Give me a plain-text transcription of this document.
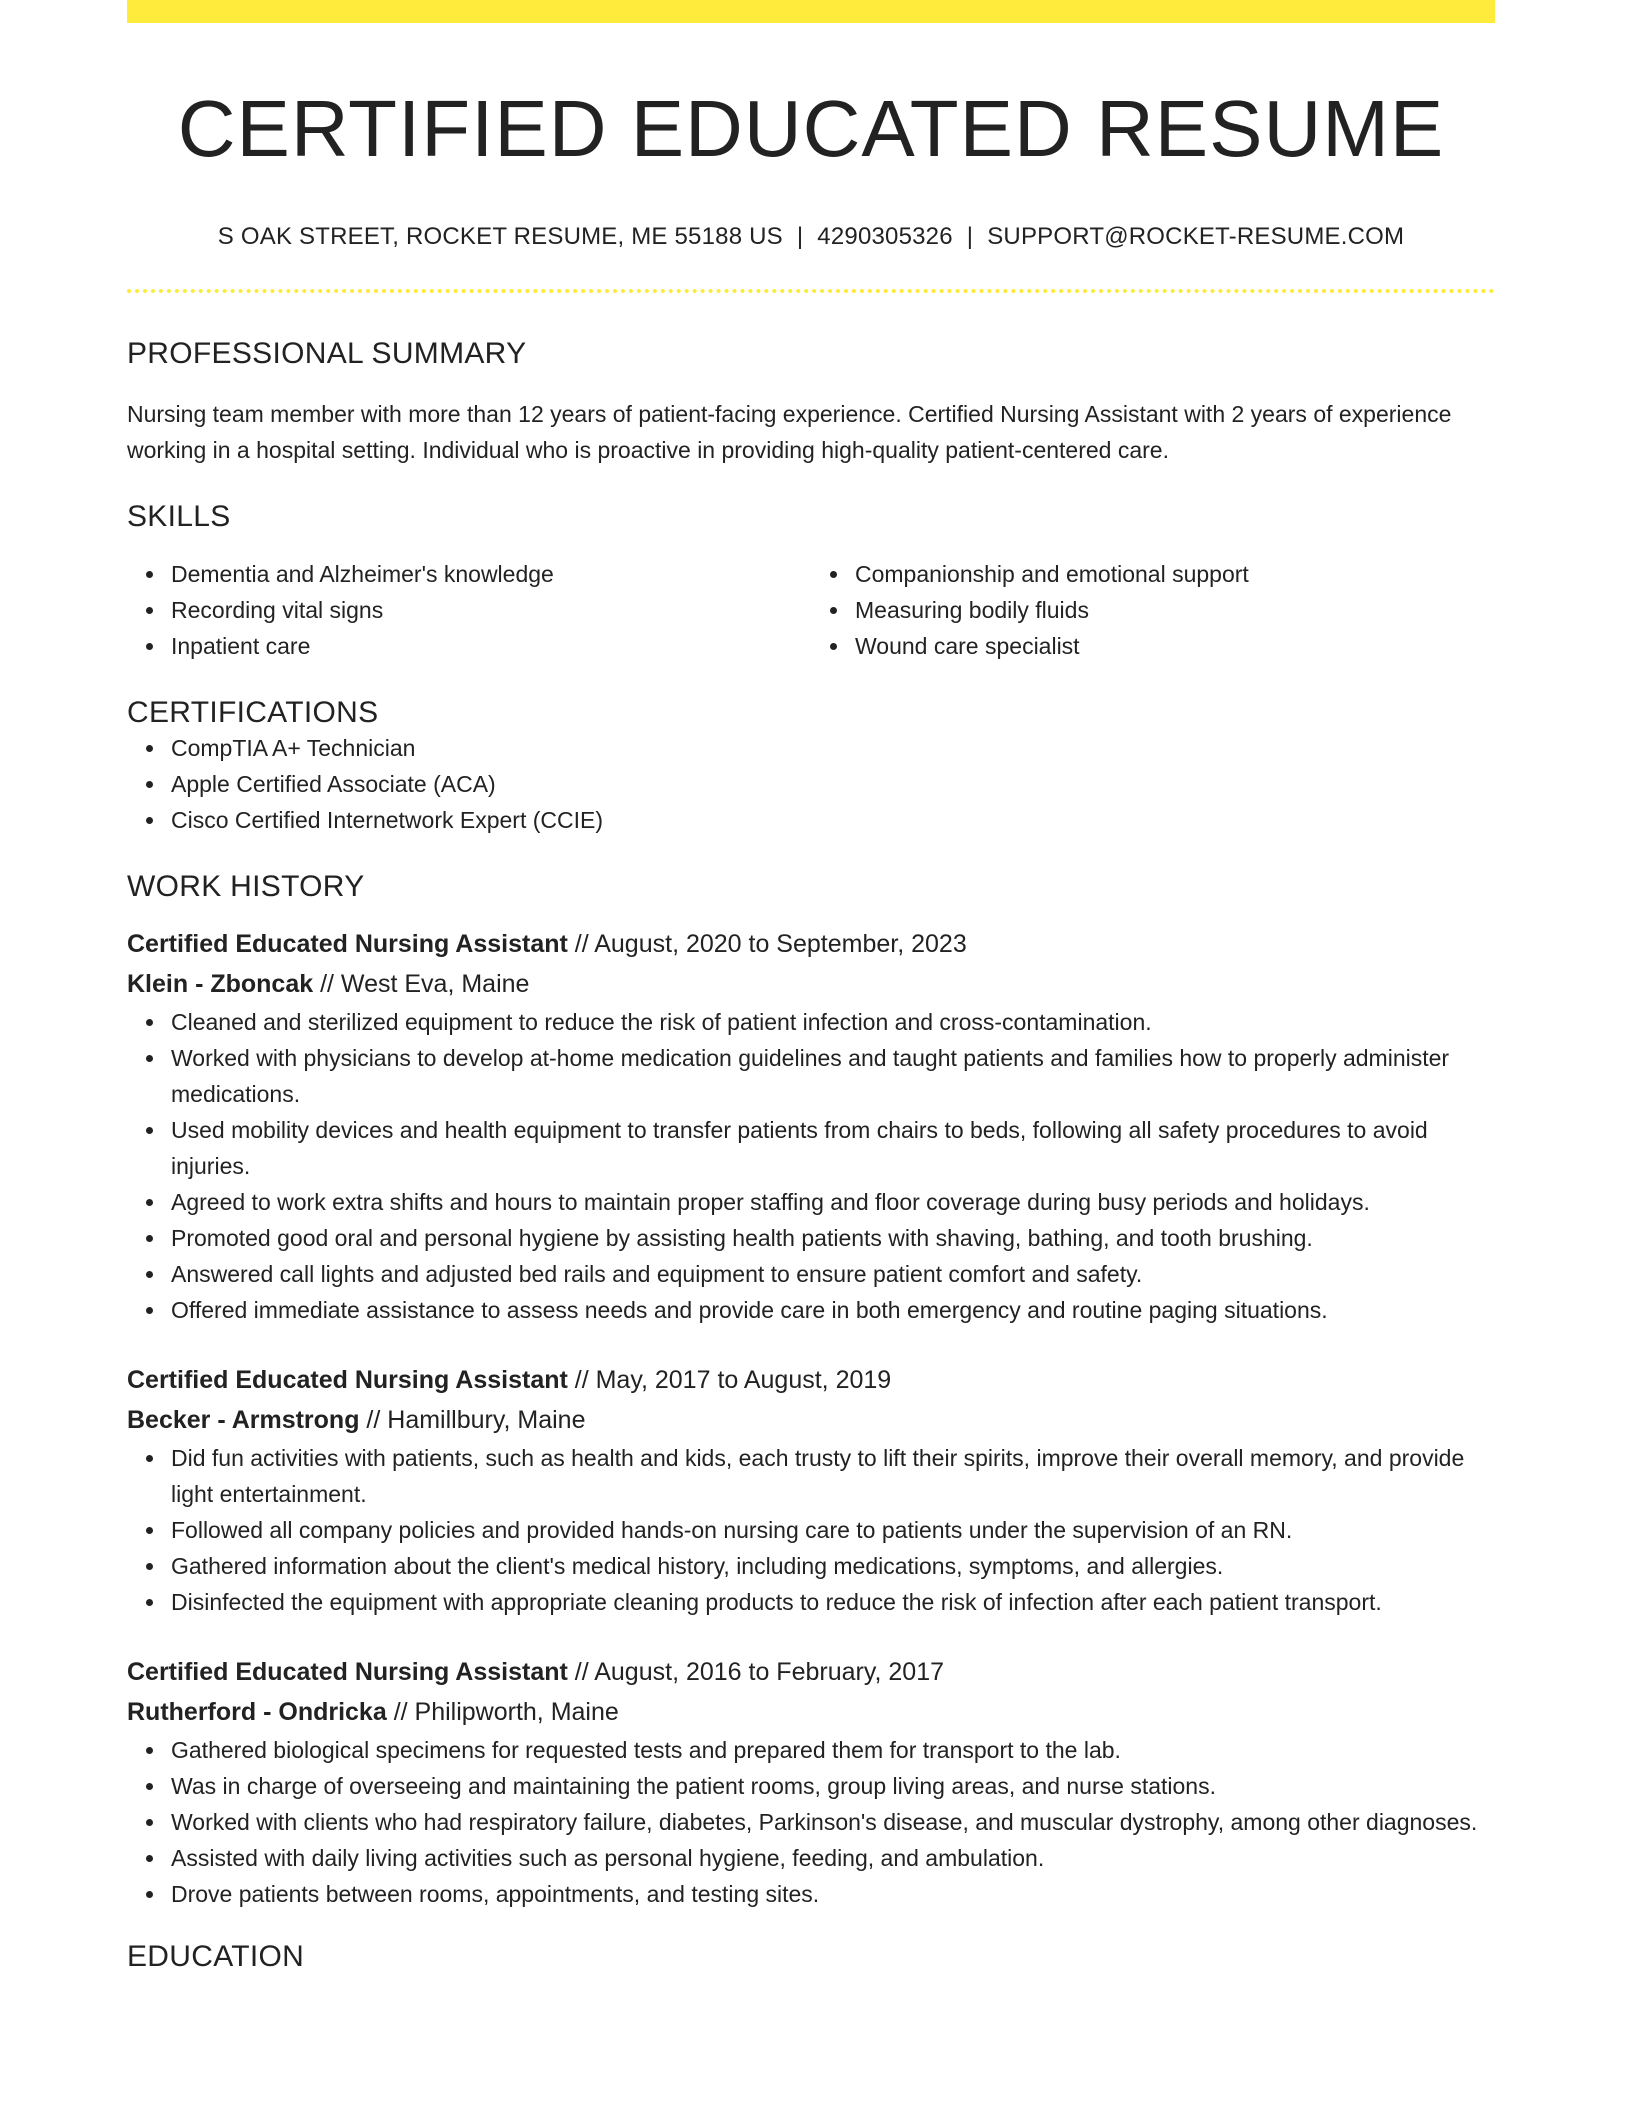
CERTIFIED EDUCATED RESUME
S OAK STREET, ROCKET RESUME, ME 55188 US | 4290305326 | SUPPORT@ROCKET-RESUME.COM
PROFESSIONAL SUMMARY
Nursing team member with more than 12 years of patient-facing experience. Certified Nursing Assistant with 2 years of experience working in a hospital setting. Individual who is proactive in providing high-quality patient-centered care.
SKILLS
Dementia and Alzheimer's knowledge
Recording vital signs
Inpatient care
Companionship and emotional support
Measuring bodily fluids
Wound care specialist
CERTIFICATIONS
CompTIA A+ Technician
Apple Certified Associate (ACA)
Cisco Certified Internetwork Expert (CCIE)
WORK HISTORY
Certified Educated Nursing Assistant // August, 2020 to September, 2023
Klein - Zboncak // West Eva, Maine
Cleaned and sterilized equipment to reduce the risk of patient infection and cross-contamination.
Worked with physicians to develop at-home medication guidelines and taught patients and families how to properly administer medications.
Used mobility devices and health equipment to transfer patients from chairs to beds, following all safety procedures to avoid injuries.
Agreed to work extra shifts and hours to maintain proper staffing and floor coverage during busy periods and holidays.
Promoted good oral and personal hygiene by assisting health patients with shaving, bathing, and tooth brushing.
Answered call lights and adjusted bed rails and equipment to ensure patient comfort and safety.
Offered immediate assistance to assess needs and provide care in both emergency and routine paging situations.
Certified Educated Nursing Assistant // May, 2017 to August, 2019
Becker - Armstrong // Hamillbury, Maine
Did fun activities with patients, such as health and kids, each trusty to lift their spirits, improve their overall memory, and provide light entertainment.
Followed all company policies and provided hands-on nursing care to patients under the supervision of an RN.
Gathered information about the client's medical history, including medications, symptoms, and allergies.
Disinfected the equipment with appropriate cleaning products to reduce the risk of infection after each patient transport.
Certified Educated Nursing Assistant // August, 2016 to February, 2017
Rutherford - Ondricka // Philipworth, Maine
Gathered biological specimens for requested tests and prepared them for transport to the lab.
Was in charge of overseeing and maintaining the patient rooms, group living areas, and nurse stations.
Worked with clients who had respiratory failure, diabetes, Parkinson's disease, and muscular dystrophy, among other diagnoses.
Assisted with daily living activities such as personal hygiene, feeding, and ambulation.
Drove patients between rooms, appointments, and testing sites.
EDUCATION
